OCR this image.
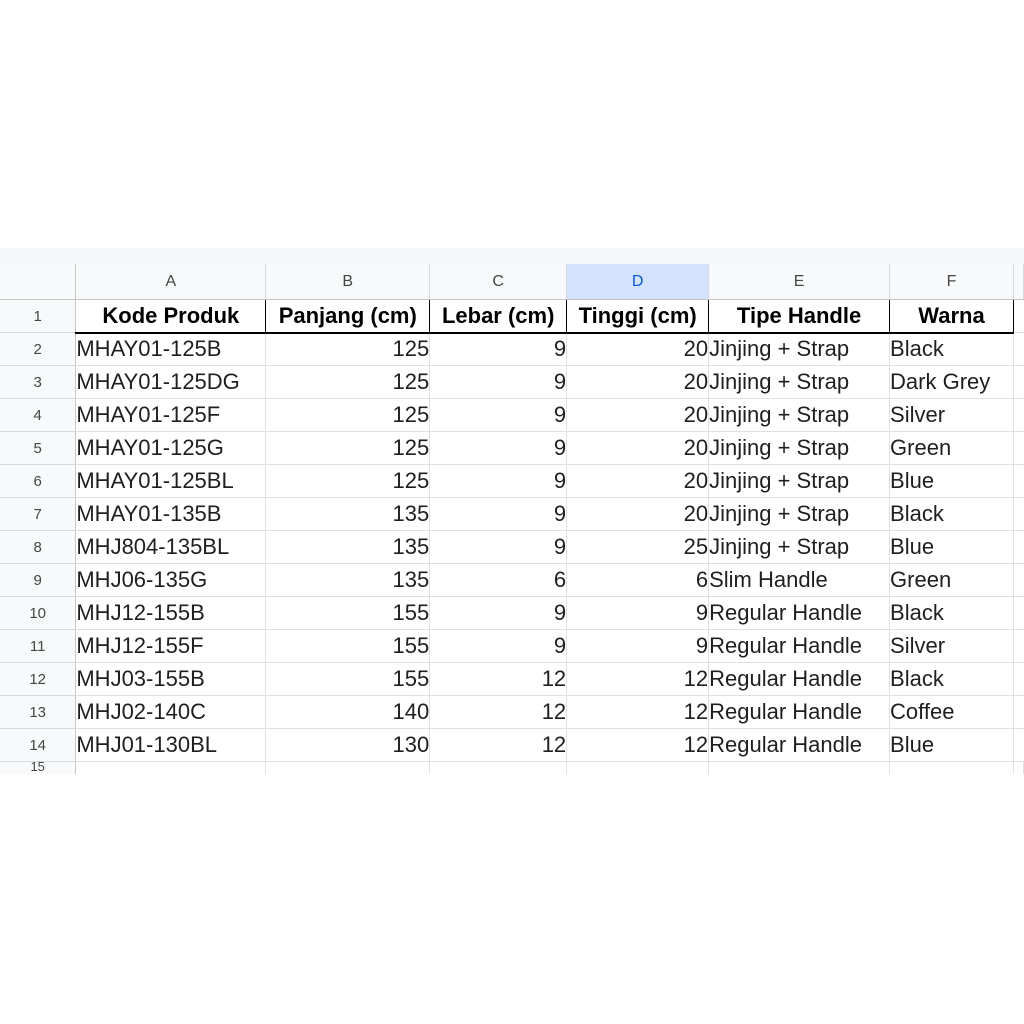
	A	B	C	D	E	F	
1	Kode Produk	Panjang (cm)	Lebar (cm)	Tinggi (cm)	Tipe Handle	Warna	
2	MHAY01-125B	125	9	20	Jinjing + Strap	Black	
3	MHAY01-125DG	125	9	20	Jinjing + Strap	Dark Grey	
4	MHAY01-125F	125	9	20	Jinjing + Strap	Silver	
5	MHAY01-125G	125	9	20	Jinjing + Strap	Green	
6	MHAY01-125BL	125	9	20	Jinjing + Strap	Blue	
7	MHAY01-135B	135	9	20	Jinjing + Strap	Black	
8	MHJ804-135BL	135	9	25	Jinjing + Strap	Blue	
9	MHJ06-135G	135	6	6	Slim Handle	Green	
10	MHJ12-155B	155	9	9	Regular Handle	Black	
11	MHJ12-155F	155	9	9	Regular Handle	Silver	
12	MHJ03-155B	155	12	12	Regular Handle	Black	
13	MHJ02-140C	140	12	12	Regular Handle	Coffee	
14	MHJ01-130BL	130	12	12	Regular Handle	Blue	
15							
